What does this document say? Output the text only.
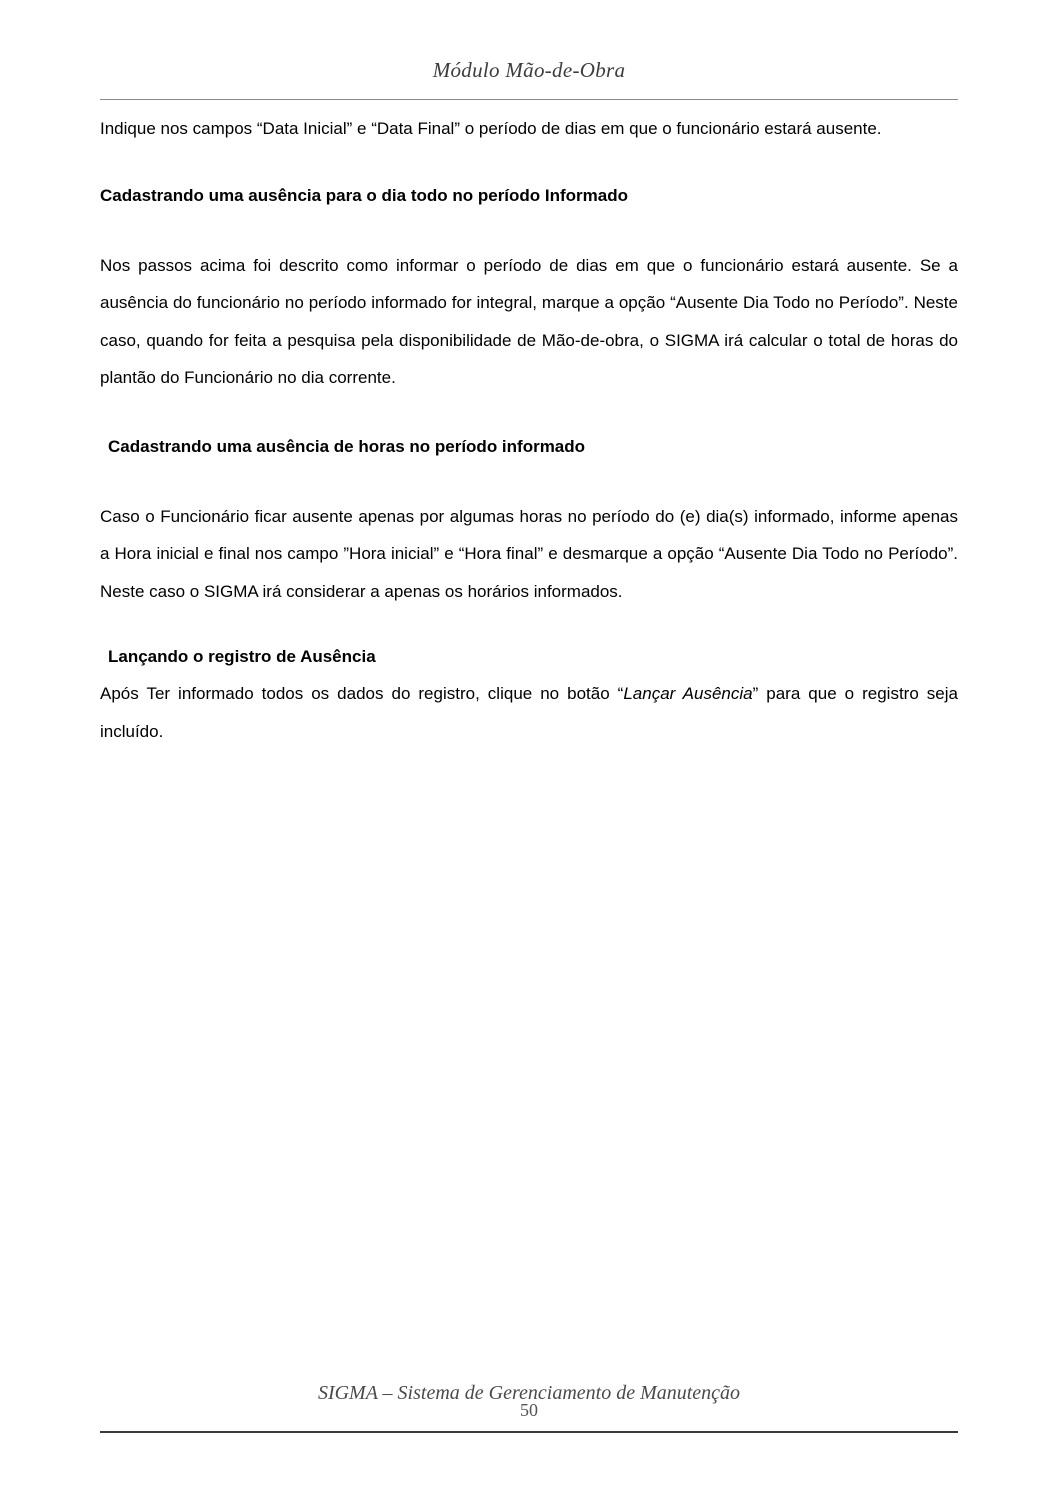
Módulo Mão-de-Obra

Indique nos campos “Data Inicial” e “Data Final” o período de dias em que o funcionário estará ausente.

Cadastrando uma ausência para o dia todo no período Informado

Nos passos acima foi descrito como informar o período de dias em que o funcionário estará ausente. Se a ausência do funcionário no período informado for integral, marque a opção “Ausente Dia Todo no Período”. Neste caso, quando for feita a pesquisa pela disponibilidade de Mão-de-obra, o SIGMA irá calcular o total de horas do plantão do Funcionário no dia corrente.

Cadastrando uma ausência de horas no período informado

Caso o Funcionário ficar ausente apenas por algumas horas no período do (e) dia(s) informado, informe apenas a Hora inicial e final nos campo ”Hora inicial” e “Hora final” e desmarque a opção “Ausente Dia Todo no Período”. Neste caso o SIGMA irá considerar a apenas os horários informados.

Lançando o registro de Ausência

Após Ter informado todos os dados do registro, clique no botão “Lançar Ausência” para que o registro seja incluído.

SIGMA – Sistema de Gerenciamento de Manutenção
50
